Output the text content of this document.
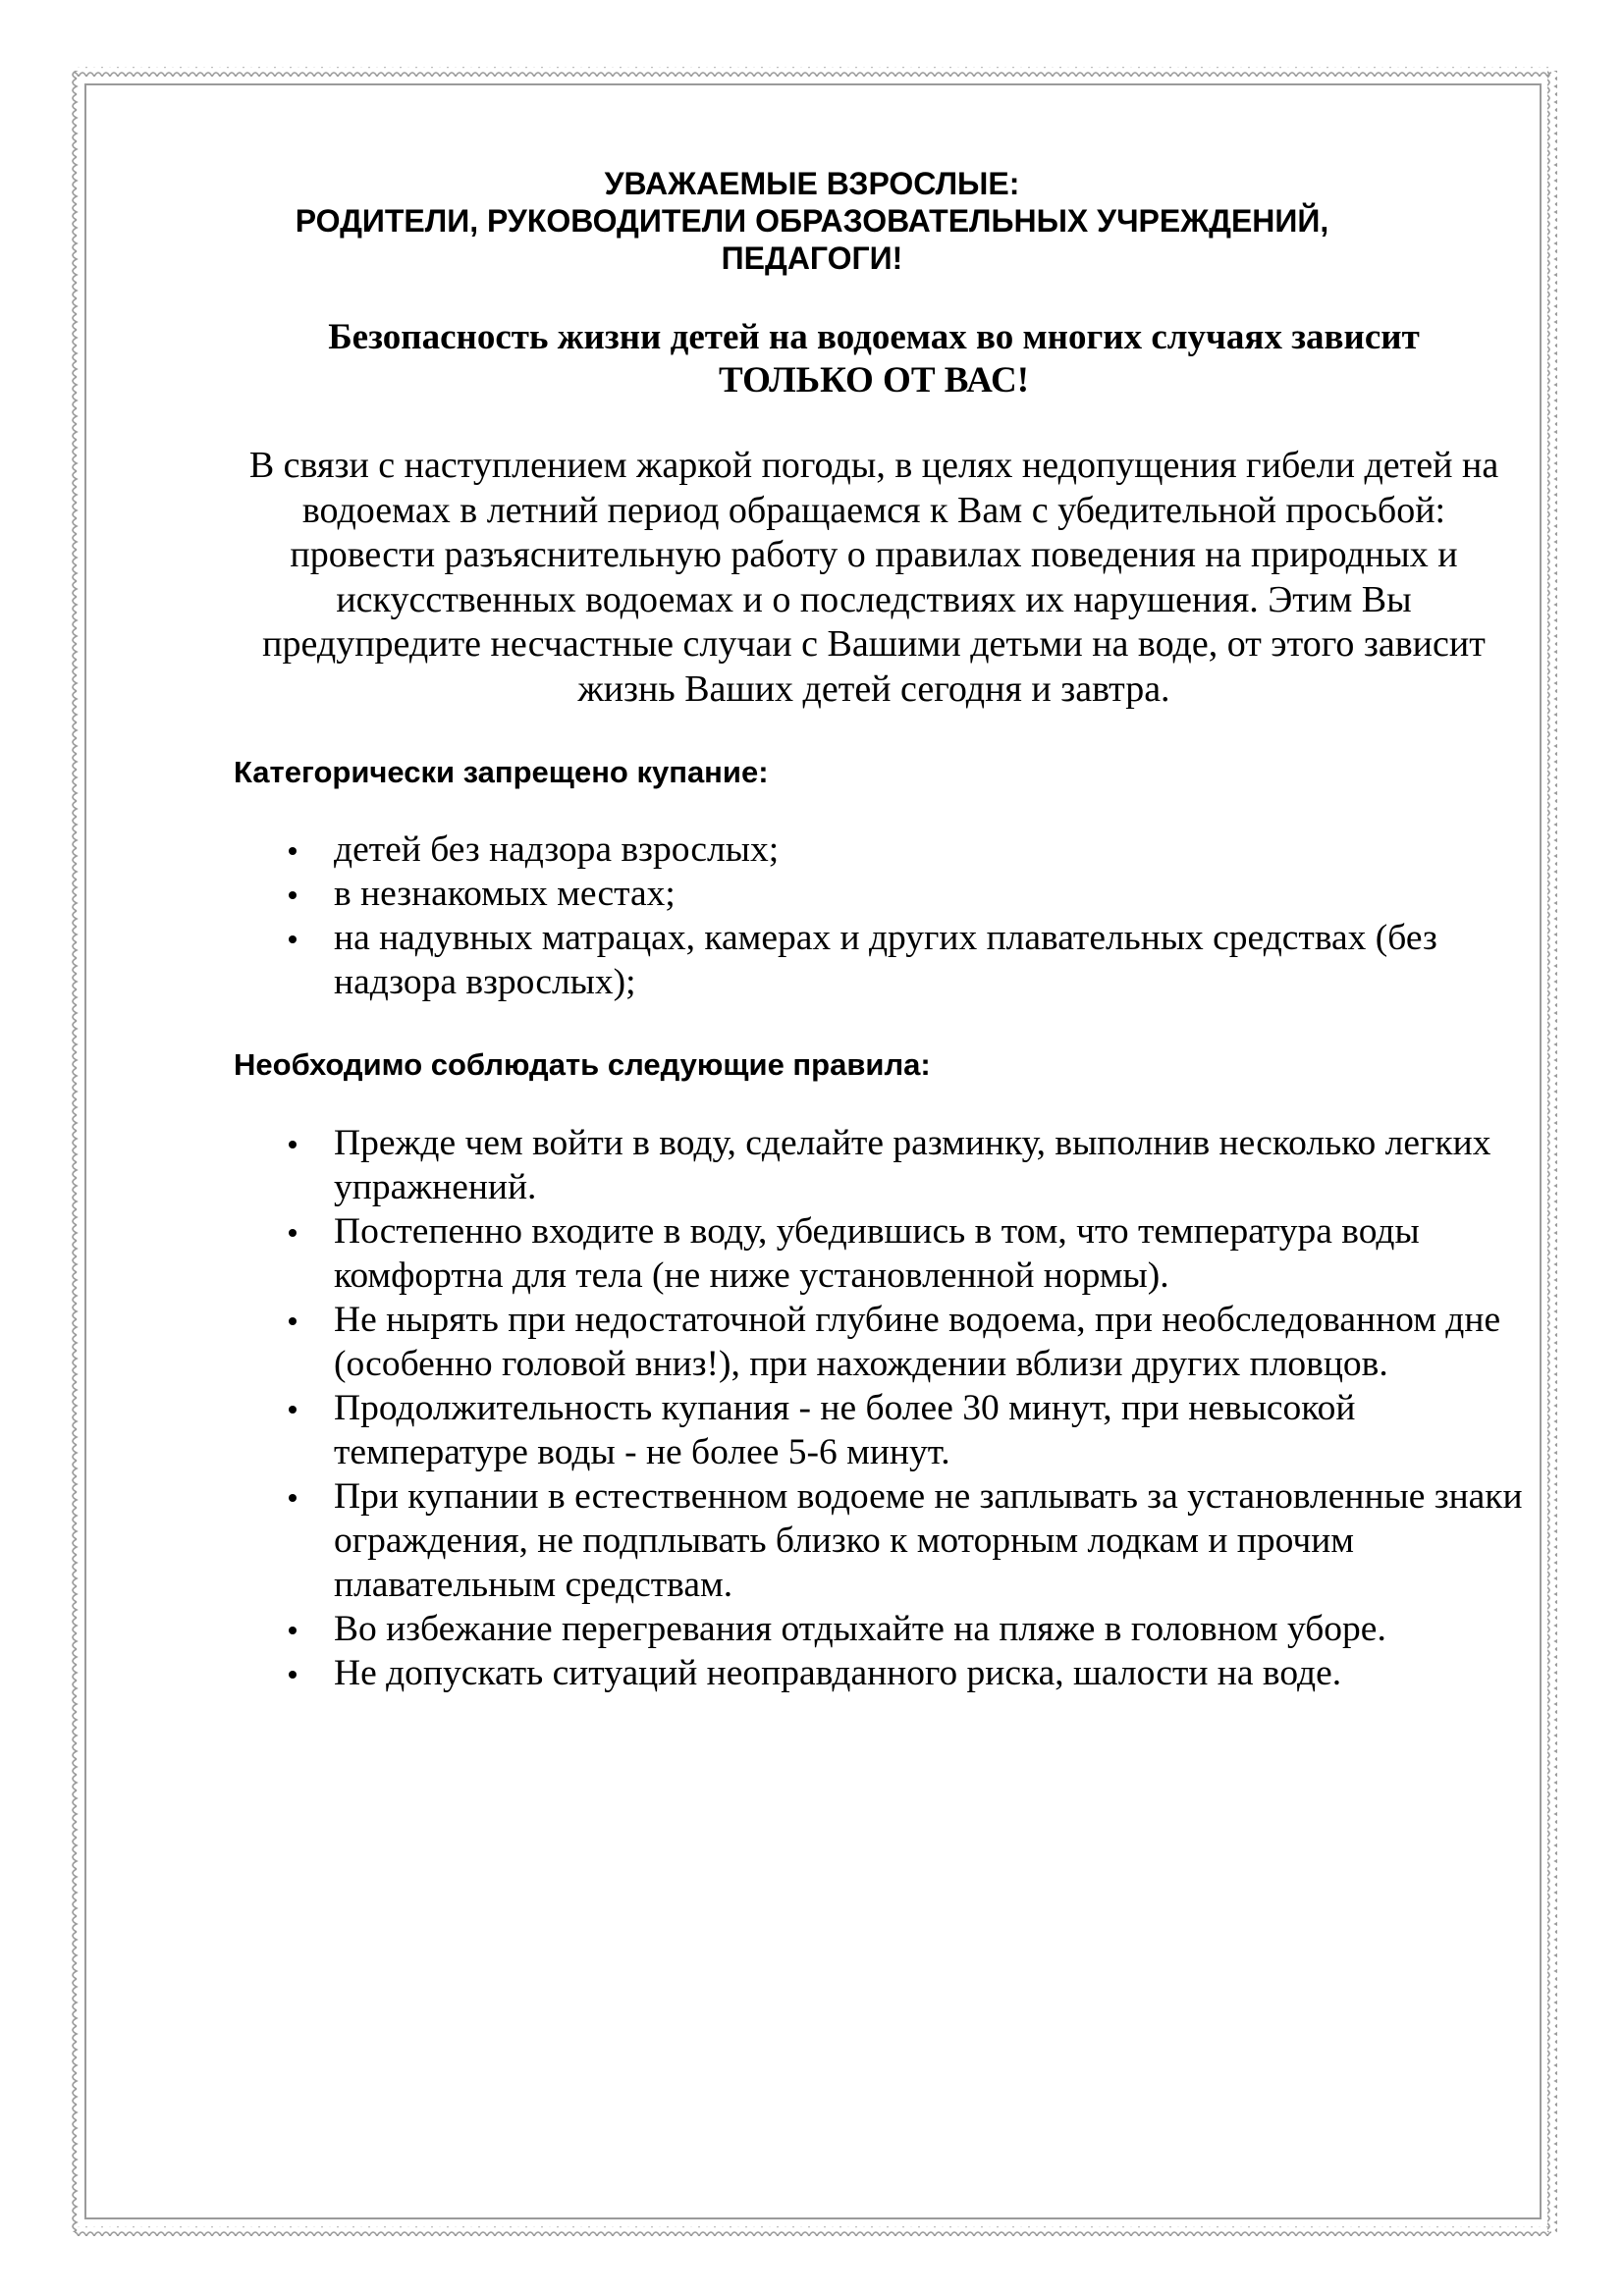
УВАЖАЕМЫЕ ВЗРОСЛЫЕ:
РОДИТЕЛИ, РУКОВОДИТЕЛИ ОБРАЗОВАТЕЛЬНЫХ УЧРЕЖДЕНИЙ,
ПЕДАГОГИ!
Безопасность жизни детей на водоемах во многих случаях зависит
ТОЛЬКО ОТ ВАС!

В связи с наступлением жаркой погоды, в целях недопущения гибели детей на водоемах в летний период обращаемся к Вам с убедительной просьбой: провести разъяснительную работу о правилах поведения на природных и искусственных водоемах и о последствиях их нарушения. Этим Вы предупредите несчастные случаи с Вашими детьми на воде, от этого зависит жизнь Ваших детей сегодня и завтра.

Категорически запрещено купание:
детей без надзора взрослых;
в незнакомых местах;
на надувных матрацах, камерах и других плавательных средствах (без надзора взрослых);
Необходимо соблюдать следующие правила:
Прежде чем войти в воду, сделайте разминку, выполнив несколько легких упражнений.
Постепенно входите в воду, убедившись в том, что температура воды комфортна для тела (не ниже установленной нормы).
Не нырять при недостаточной глубине водоема, при необследованном дне (особенно головой вниз!), при нахождении вблизи других пловцов.
Продолжительность купания - не более 30 минут, при невысокой температуре воды - не более 5-6 минут.
При купании в естественном водоеме не заплывать за установленные знаки ограждения, не подплывать близко к моторным лодкам и прочим плавательным средствам.
Во избежание перегревания отдыхайте на пляже в головном уборе.
Не допускать ситуаций неоправданного риска, шалости на воде.
